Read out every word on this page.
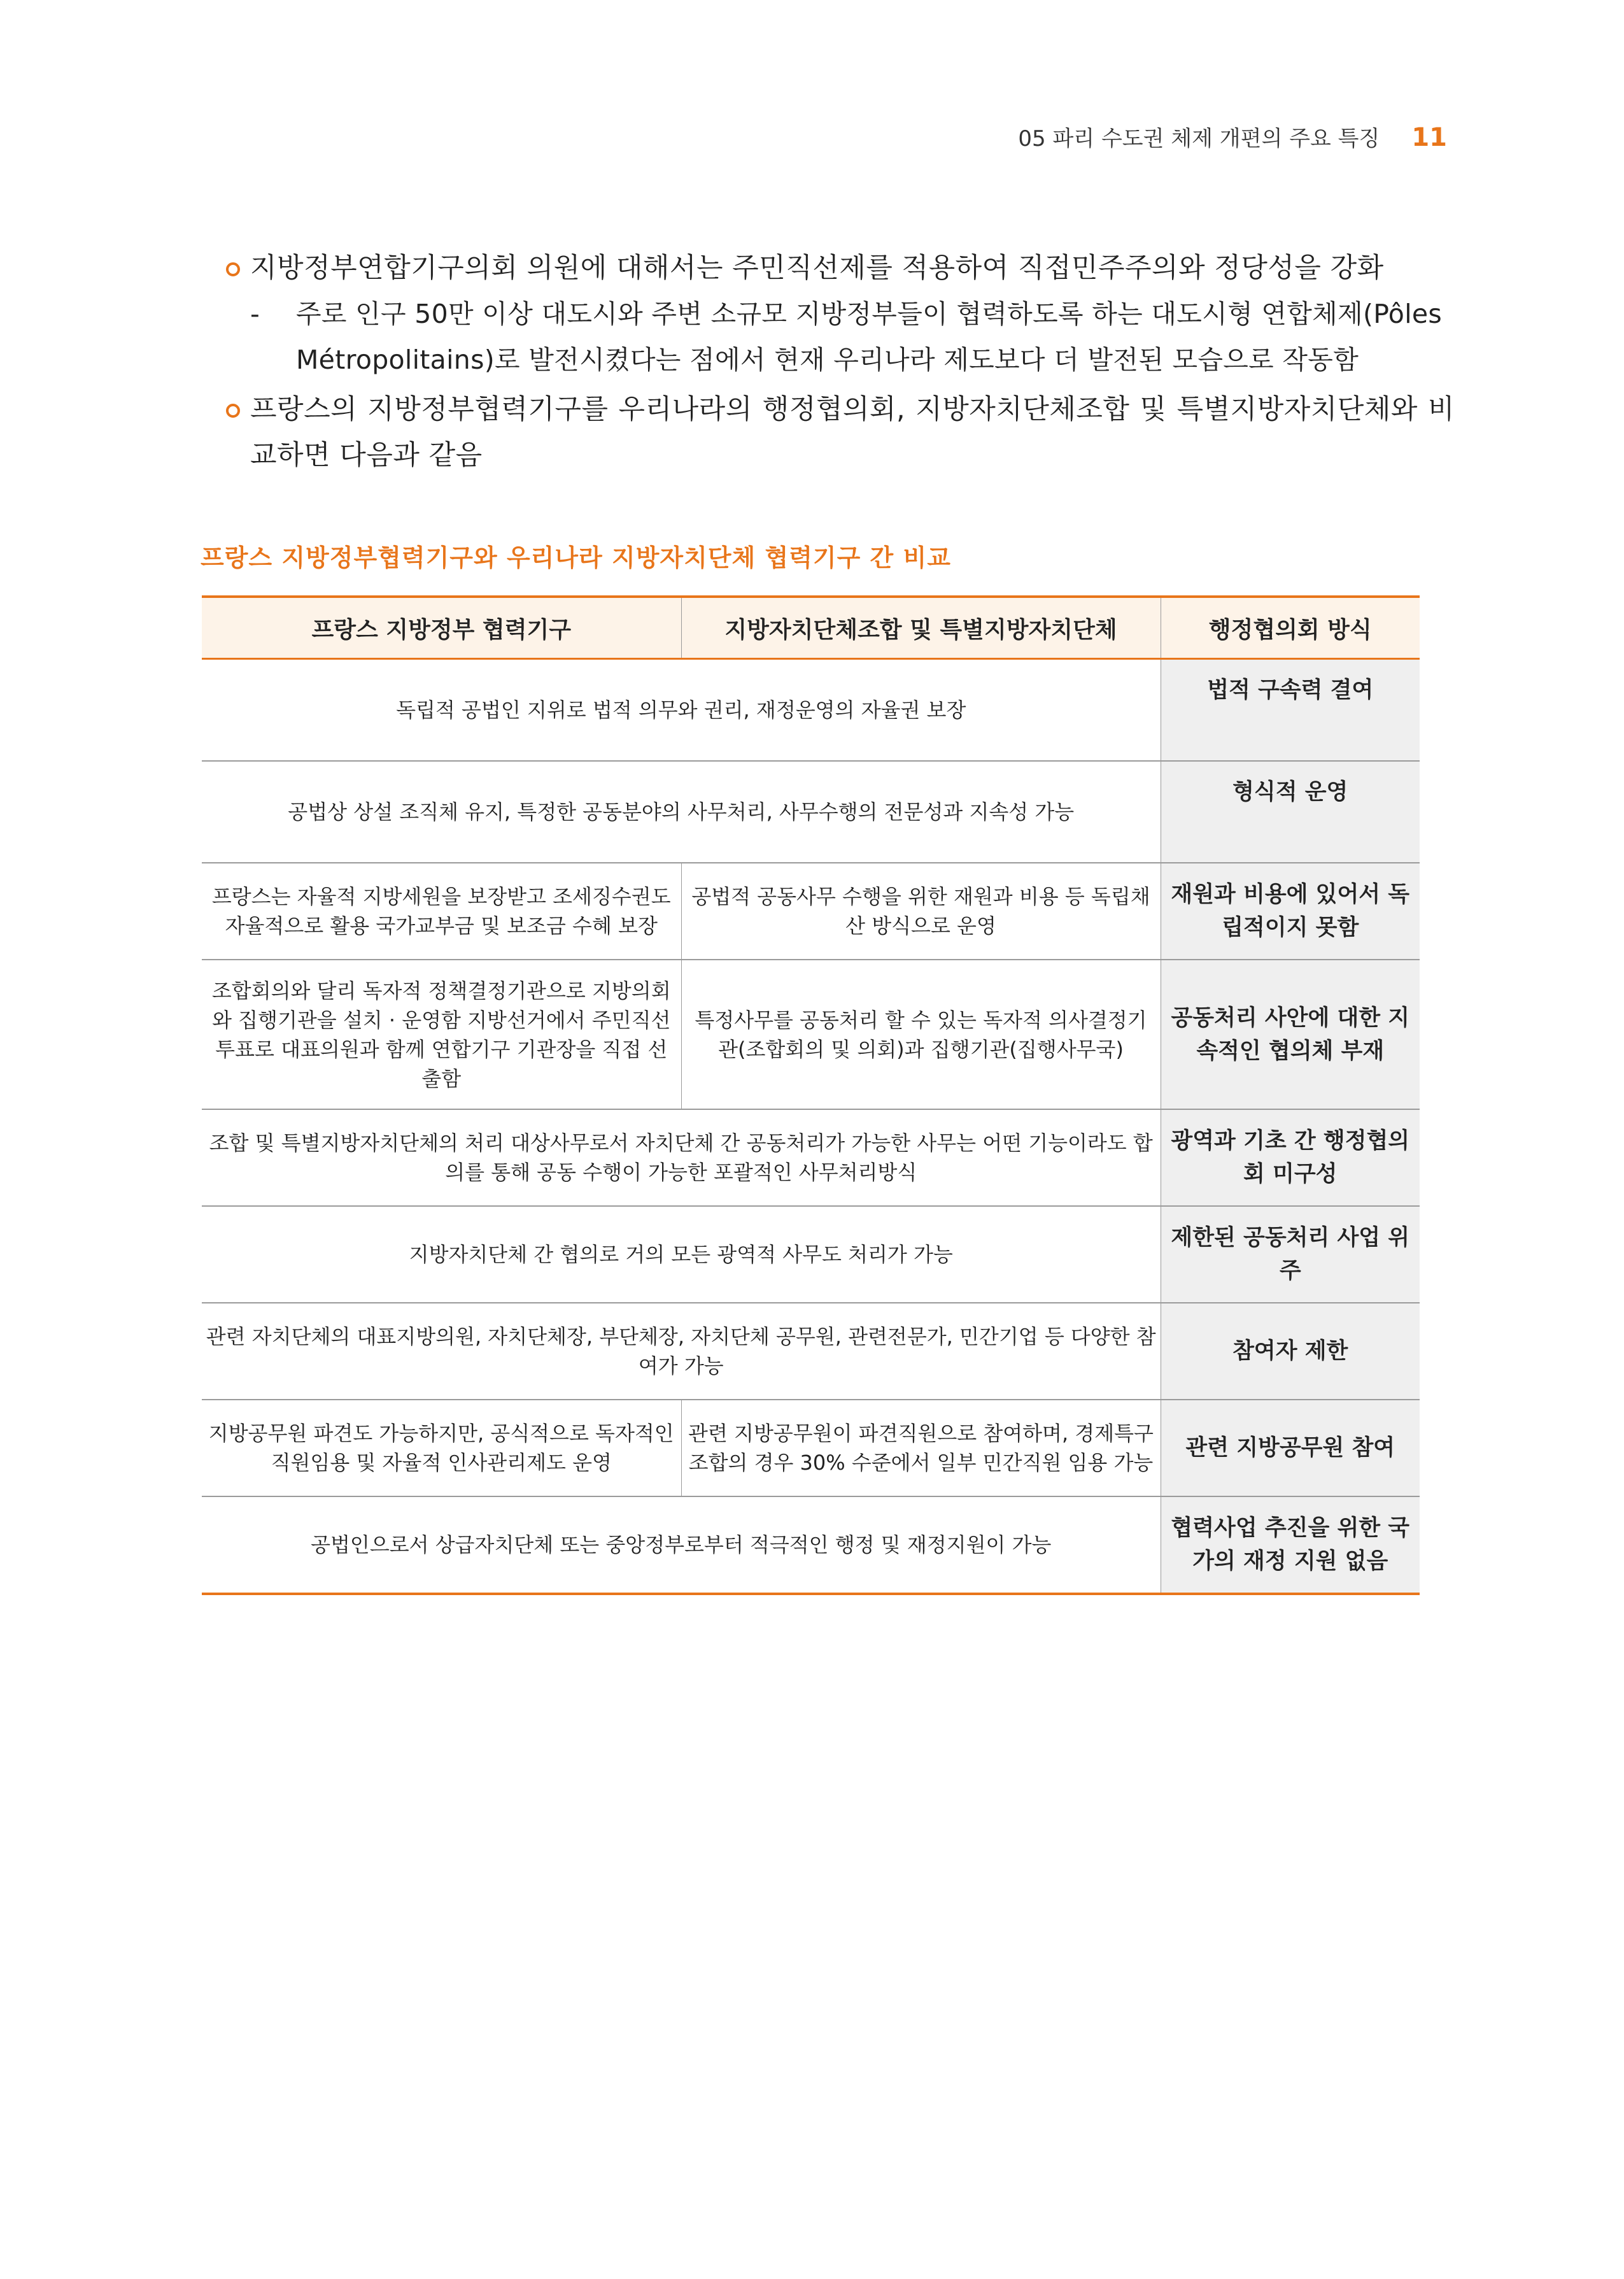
05 파리 수도권 체제 개편의 주요 특징 11
지방정부연합기구의회 의원에 대해서는 주민직선제를 적용하여 직접민주주의와 정당성을 강화
- 주로 인구 50만 이상 대도시와 주변 소규모 지방정부들이 협력하도록 하는 대도시형 연합체제(Pôles Métropolitains)로 발전시켰다는 점에서 현재 우리나라 제도보다 더 발전된 모습으로 작동함
프랑스의 지방정부협력기구를 우리나라의 행정협의회, 지방자치단체조합 및 특별지방자치단체와 비교하면 다음과 같음
프랑스 지방정부협력기구와 우리나라 지방자치단체 협력기구 간 비교
프랑스 지방정부 협력기구	지방자치단체조합 및 특별지방자치단체	행정협의회 방식
독립적 공법인 지위로 법적 의무와 권리, 재정운영의 자율권 보장		법적 구속력 결여
공법상 상설 조직체 유지, 특정한 공동분야의 사무처리, 사무수행의 전문성과 지속성 가능		형식적 운영
프랑스는 자율적 지방세원을 보장받고 조세징수권도 자율적으로 활용 국가교부금 및 보조금 수혜 보장	공법적 공동사무 수행을 위한 재원과 비용 등 독립채산 방식으로 운영	재원과 비용에 있어서 독립적이지 못함
조합회의와 달리 독자적 정책결정기관으로 지방의회와 집행기관을 설치 · 운영함 지방선거에서 주민직선투표로 대표의원과 함께 연합기구 기관장을 직접 선출함	특정사무를 공동처리 할 수 있는 독자적 의사결정기관(조합회의 및 의회)과 집행기관(집행사무국)	공동처리 사안에 대한 지속적인 협의체 부재
조합 및 특별지방자치단체의 처리 대상사무로서 자치단체 간 공동처리가 가능한 사무는 어떤 기능이라도 합의를 통해 공동 수행이 가능한 포괄적인 사무처리방식		광역과 기초 간 행정협의회 미구성
지방자치단체 간 협의로 거의 모든 광역적 사무도 처리가 가능		제한된 공동처리 사업 위주
관련 자치단체의 대표지방의원, 자치단체장, 부단체장, 자치단체 공무원, 관련전문가, 민간기업 등 다양한 참여가 가능		참여자 제한
지방공무원 파견도 가능하지만, 공식적으로 독자적인 직원임용 및 자율적 인사관리제도 운영	관련 지방공무원이 파견직원으로 참여하며, 경제특구 조합의 경우 30% 수준에서 일부 민간직원 임용 가능	관련 지방공무원 참여
공법인으로서 상급자치단체 또는 중앙정부로부터 적극적인 행정 및 재정지원이 가능		협력사업 추진을 위한 국가의 재정 지원 없음
